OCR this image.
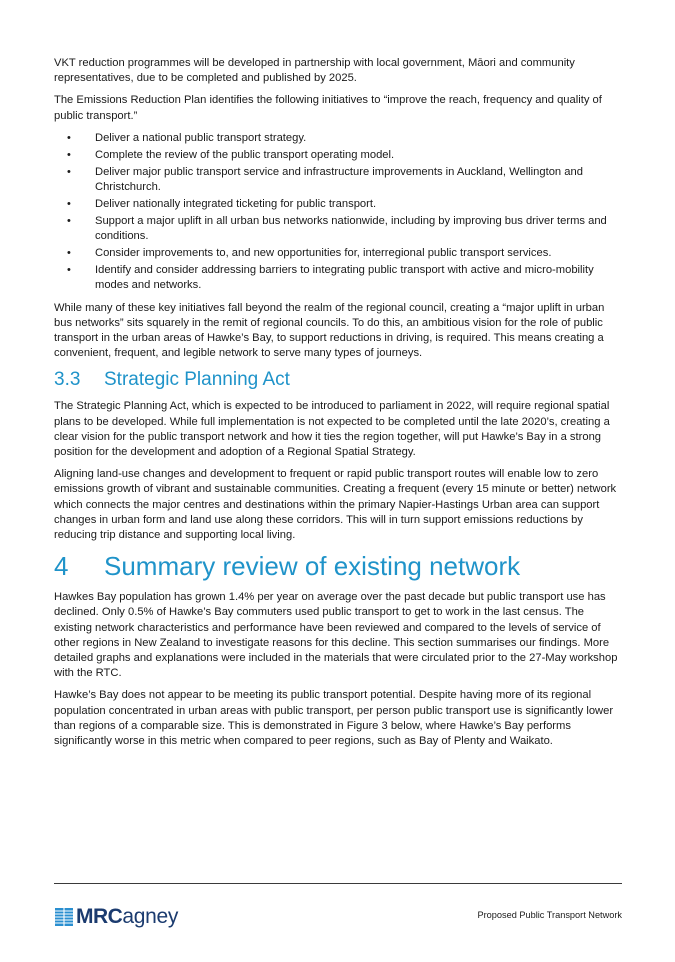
VKT reduction programmes will be developed in partnership with local government, Māori and community representatives, due to be completed and published by 2025.

The Emissions Reduction Plan identifies the following initiatives to “improve the reach, frequency and quality of public transport.”

• Deliver a national public transport strategy.
• Complete the review of the public transport operating model.
• Deliver major public transport service and infrastructure improvements in Auckland, Wellington and Christchurch.
• Deliver nationally integrated ticketing for public transport.
• Support a major uplift in all urban bus networks nationwide, including by improving bus driver terms and conditions.
• Consider improvements to, and new opportunities for, interregional public transport services.
• Identify and consider addressing barriers to integrating public transport with active and micro-mobility modes and networks.

While many of these key initiatives fall beyond the realm of the regional council, creating a “major uplift in urban bus networks” sits squarely in the remit of regional councils. To do this, an ambitious vision for the role of public transport in the urban areas of Hawke’s Bay, to support reductions in driving, is required. This means creating a convenient, frequent, and legible network to serve many types of journeys.

3.3	Strategic Planning Act

The Strategic Planning Act, which is expected to be introduced to parliament in 2022, will require regional spatial plans to be developed. While full implementation is not expected to be completed until the late 2020’s, creating a clear vision for the public transport network and how it ties the region together, will put Hawke’s Bay in a strong position for the development and adoption of a Regional Spatial Strategy.

Aligning land-use changes and development to frequent or rapid public transport routes will enable low to zero emissions growth of vibrant and sustainable communities. Creating a frequent (every 15 minute or better) network which connects the major centres and destinations within the primary Napier-Hastings Urban area can support changes in urban form and land use along these corridors. This will in turn support emissions reductions by reducing trip distance and supporting local living.

4	Summary review of existing network

Hawkes Bay population has grown 1.4% per year on average over the past decade but public transport use has declined. Only 0.5% of Hawke’s Bay commuters used public transport to get to work in the last census. The existing network characteristics and performance have been reviewed and compared to the levels of service of other regions in New Zealand to investigate reasons for this decline. This section summarises our findings. More detailed graphs and explanations were included in the materials that were circulated prior to the 27-May workshop with the RTC.

Hawke’s Bay does not appear to be meeting its public transport potential. Despite having more of its regional population concentrated in urban areas with public transport, per person public transport use is significantly lower than regions of a comparable size. This is demonstrated in Figure 3 below, where Hawke’s Bay performs significantly worse in this metric when compared to peer regions, such as Bay of Plenty and Waikato.

MRC agney	Proposed Public Transport Network
